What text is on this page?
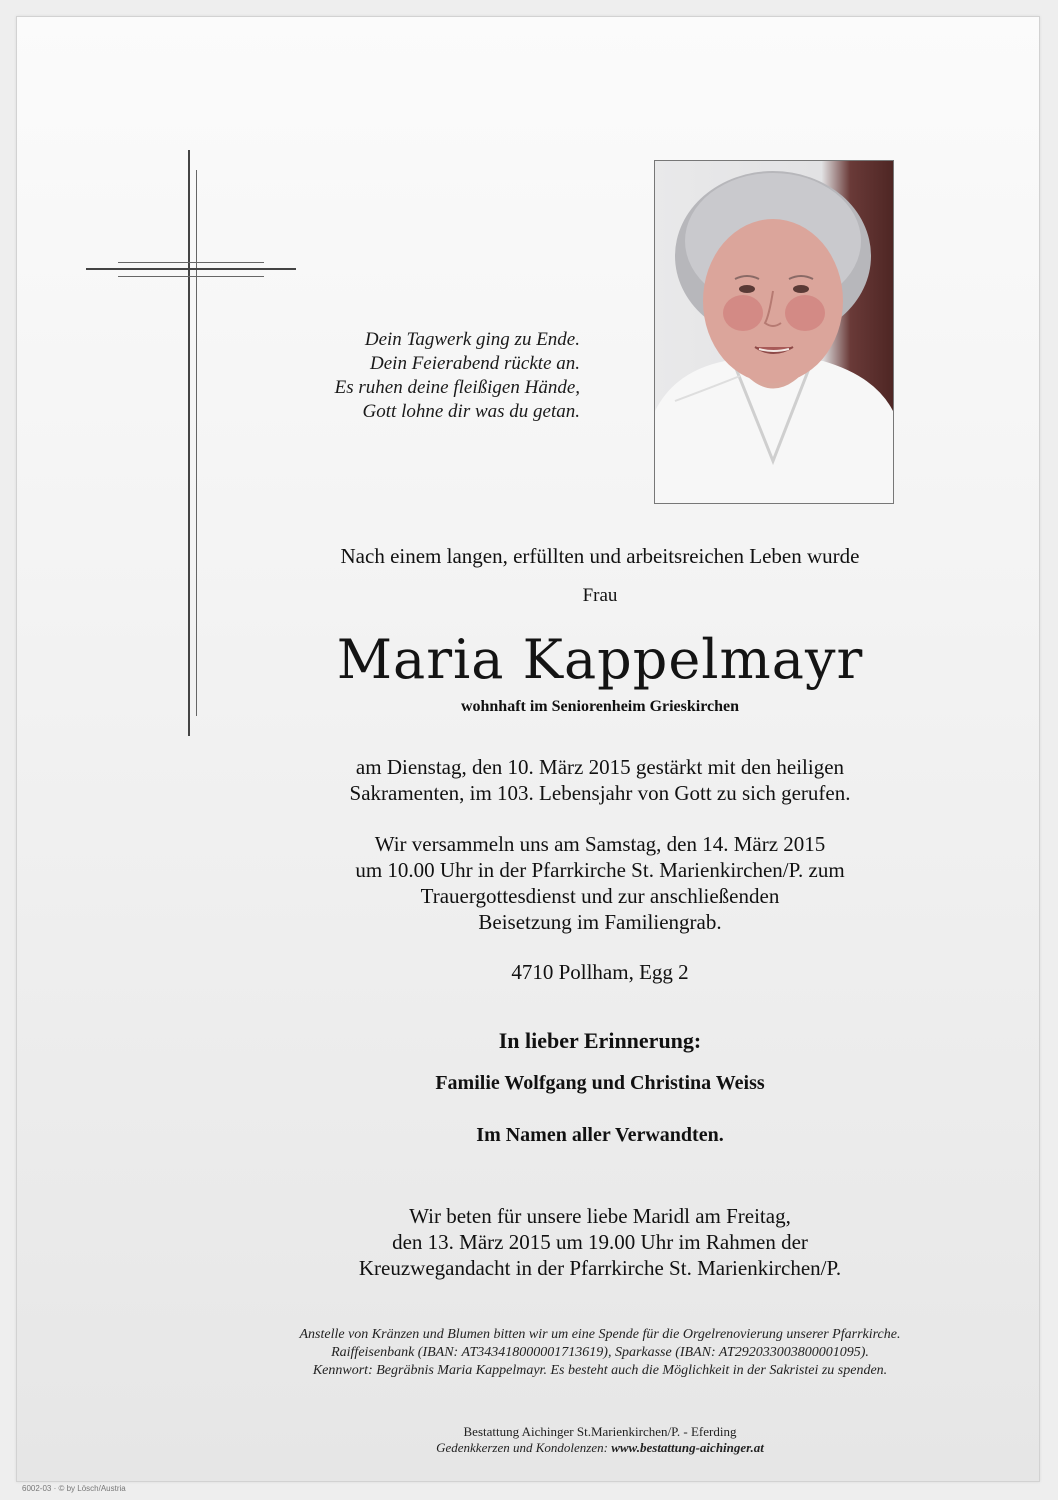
Dein Tagwerk ging zu Ende.
Dein Feierabend rückte an.
Es ruhen deine fleißigen Hände,
Gott lohne dir was du getan.
Nach einem langen, erfüllten und arbeitsreichen Leben wurde
Frau
Maria Kappelmayr
wohnhaft im Seniorenheim Grieskirchen
am Dienstag, den 10. März 2015 gestärkt mit den heiligen
Sakramenten, im 103. Lebensjahr von Gott zu sich gerufen.
Wir versammeln uns am Samstag, den 14. März 2015
um 10.00 Uhr in der Pfarrkirche St. Marienkirchen/P. zum
Trauergottesdienst und zur anschließenden
Beisetzung im Familiengrab.
4710 Pollham, Egg 2
In lieber Erinnerung:
Familie Wolfgang und Christina Weiss
Im Namen aller Verwandten.
Wir beten für unsere liebe Maridl am Freitag,
den 13. März 2015 um 19.00 Uhr im Rahmen der
Kreuzwegandacht in der Pfarrkirche St. Marienkirchen/P.
Anstelle von Kränzen und Blumen bitten wir um eine Spende für die Orgelrenovierung unserer Pfarrkirche.
Raiffeisenbank (IBAN: AT343418000001713619), Sparkasse (IBAN: AT292033003800001095).
Kennwort: Begräbnis Maria Kappelmayr. Es besteht auch die Möglichkeit in der Sakristei zu spenden.
Bestattung Aichinger St.Marienkirchen/P. - Eferding
Gedenkkerzen und Kondolenzen: www.bestattung-aichinger.at
6002-03 · © by Lösch/Austria
